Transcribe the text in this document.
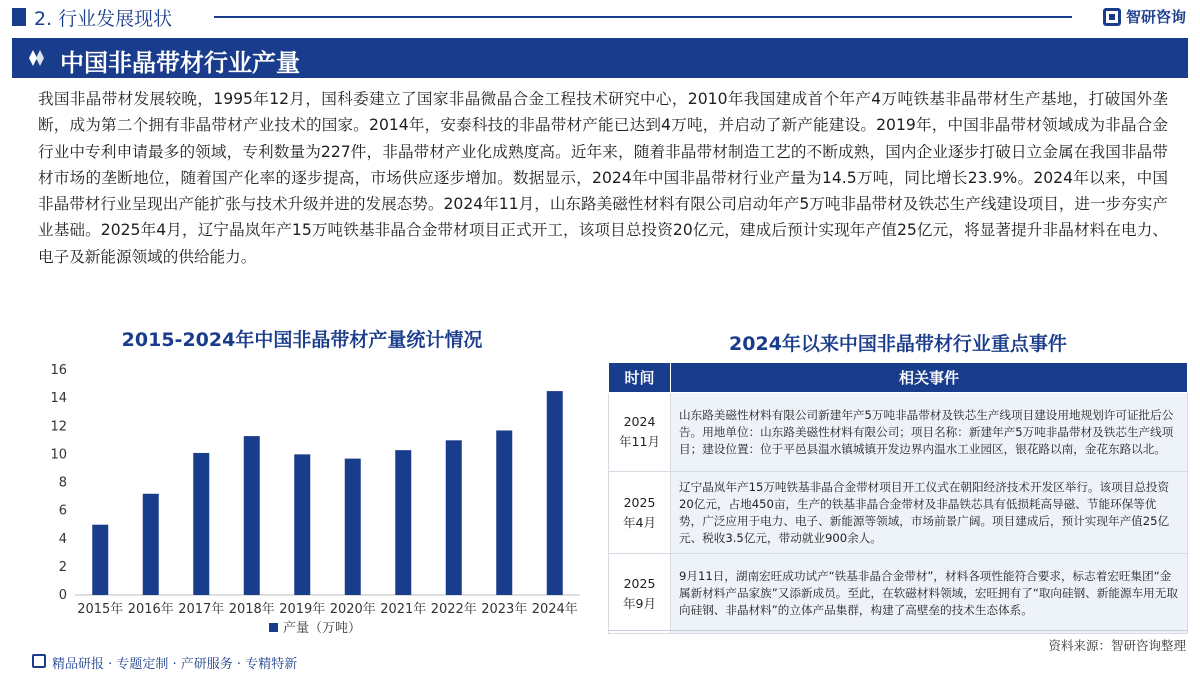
2. 行业发展现状	智研咨询
中国非晶带材行业产量

我国非晶带材发展较晚，1995年12月，国科委建立了国家非晶微晶合金工程技术研究中心，2010年我国建成首个年产4万吨铁基非晶带材生产基地，打破国外垄断，成为第二个拥有非晶带材产业技术的国家。2014年，安泰科技的非晶带材产能已达到4万吨，并启动了新产能建设。2019年，中国非晶带材领域成为非晶合金行业中专利申请最多的领域，专利数量为227件，非晶带材产业化成熟度高。近年来，随着非晶带材制造工艺的不断成熟，国内企业逐步打破日立金属在我国非晶带材市场的垄断地位，随着国产化率的逐步提高，市场供应逐步增加。数据显示，2024年中国非晶带材行业产量为14.5万吨，同比增长23.9%。2024年以来，中国非晶带材行业呈现出产能扩张与技术升级并进的发展态势。2024年11月，山东路美磁性材料有限公司启动年产5万吨非晶带材及铁芯生产线建设项目，进一步夯实产业基础。2025年4月，辽宁晶岚年产15万吨铁基非晶合金带材项目正式开工，该项目总投资20亿元，建成后预计实现年产值25亿元，将显著提升非晶材料在电力、电子及新能源领域的供给能力。

2015-2024年中国非晶带材产量统计情况
0
2
4
6
8
10
12
14
16
2015年 2016年 2017年 2018年 2019年 2020年 2021年 2022年 2023年 2024年
产量（万吨）
2024年以来中国非晶带材行业重点事件
时间	相关事件

2024
年11月	山东路美磁性材料有限公司新建年产5万吨非晶带材及铁芯生产线项目建设用地规划许可证批后公告。用地单位：山东路美磁性材料有限公司；项目名称：新建年产5万吨非晶带材及铁芯生产线项目；建设位置：位于平邑县温水镇城镇开发边界内温水工业园区，银花路以南，金花东路以北。

2025
年4月	辽宁晶岚年产15万吨铁基非晶合金带材项目开工仪式在朝阳经济技术开发区举行。该项目总投资20亿元，占地450亩，生产的铁基非晶合金带材及非晶铁芯具有低损耗高导磁、节能环保等优势，广泛应用于电力、电子、新能源等领域，市场前景广阔。项目建成后，预计实现年产值25亿元、税收3.5亿元，带动就业900余人。

2025
年9月	9月11日，湖南宏旺成功试产“铁基非晶合金带材”，材料各项性能符合要求，标志着宏旺集团“金属新材料产品家族”又添新成员。至此，在软磁材料领域，宏旺拥有了“取向硅钢、新能源车用无取向硅钢、非晶材料”的立体产品集群，构建了高壁垒的技术生态体系。
资料来源：智研咨询整理
精品研报 · 专题定制 · 产研服务 · 专精特新
